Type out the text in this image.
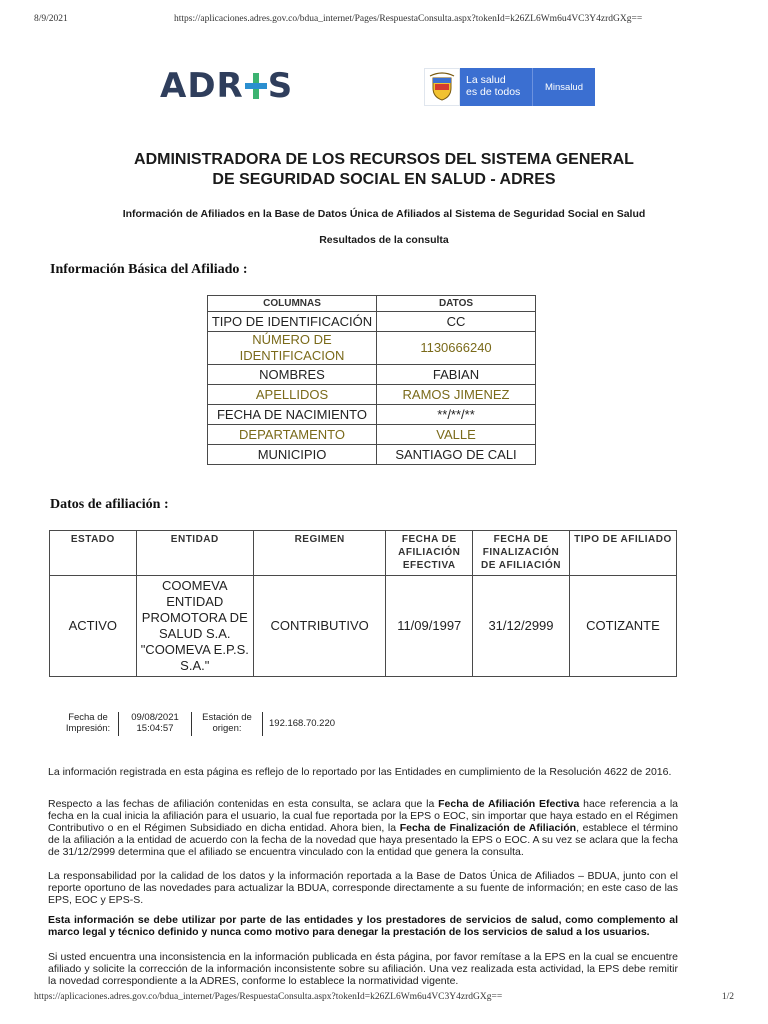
8/9/2021	https://aplicaciones.adres.gov.co/bdua_internet/Pages/RespuestaConsulta.aspx?tokenId=k26ZL6Wm6u4VC3Y4zrdGXg==
AD R S	La salud
es de todos	Minsalud
ADMINISTRADORA DE LOS RECURSOS DEL SISTEMA GENERAL
DE SEGURIDAD SOCIAL EN SALUD - ADRES
Información de Afiliados en la Base de Datos Única de Afiliados al Sistema de Seguridad Social en Salud
Resultados de la consulta
Información Básica del Afiliado :
COLUMNAS	DATOS
TIPO DE IDENTIFICACIÓN	CC
NÚMERO DE IDENTIFICACION	1130666240
NOMBRES	FABIAN
APELLIDOS	RAMOS JIMENEZ
FECHA DE NACIMIENTO	**/**/**
DEPARTAMENTO	VALLE
MUNICIPIO	SANTIAGO DE CALI
Datos de afiliación :
ESTADO	ENTIDAD	REGIMEN	FECHA DE AFILIACIÓN EFECTIVA	FECHA DE FINALIZACIÓN DE AFILIACIÓN	TIPO DE AFILIADO
ACTIVO	COOMEVA ENTIDAD PROMOTORA DE SALUD S.A. "COOMEVA E.P.S. S.A."	CONTRIBUTIVO	11/09/1997	31/12/2999	COTIZANTE
Fecha de Impresión:
09/08/2021
15:04:57
Estación de origen:	192.168.70.220

La información registrada en esta página es reflejo de lo reportado por las Entidades en cumplimiento de la Resolución 4622 de 2016.

Respecto a las fechas de afiliación contenidas en esta consulta, se aclara que la Fecha de Afiliación Efectiva hace referencia a la fecha en la cual inicia la afiliación para el usuario, la cual fue reportada por la EPS o EOC, sin importar que haya estado en el Régimen Contributivo o en el Régimen Subsidiado en dicha entidad. Ahora bien, la Fecha de Finalización de Afiliación, establece el término de la afiliación a la entidad de acuerdo con la fecha de la novedad que haya presentado la EPS o EOC. A su vez se aclara que la fecha de 31/12/2999 determina que el afiliado se encuentra vinculado con la entidad que genera la consulta.

La responsabilidad por la calidad de los datos y la información reportada a la Base de Datos Única de Afiliados – BDUA, junto con el reporte oportuno de las novedades para actualizar la BDUA, corresponde directamente a su fuente de información; en este caso de las EPS, EOC y EPS-S.

Esta información se debe utilizar por parte de las entidades y los prestadores de servicios de salud, como complemento al marco legal y técnico definido y nunca como motivo para denegar la prestación de los servicios de salud a los usuarios.

Si usted encuentra una inconsistencia en la información publicada en ésta página, por favor remítase a la EPS en la cual se encuentre afiliado y solicite la corrección de la información inconsistente sobre su afiliación. Una vez realizada esta actividad, la EPS debe remitir la novedad correspondiente a la ADRES, conforme lo establece la normatividad vigente.

https://aplicaciones.adres.gov.co/bdua_internet/Pages/RespuestaConsulta.aspx?tokenId=k26ZL6Wm6u4VC3Y4zrdGXg==	1/2
